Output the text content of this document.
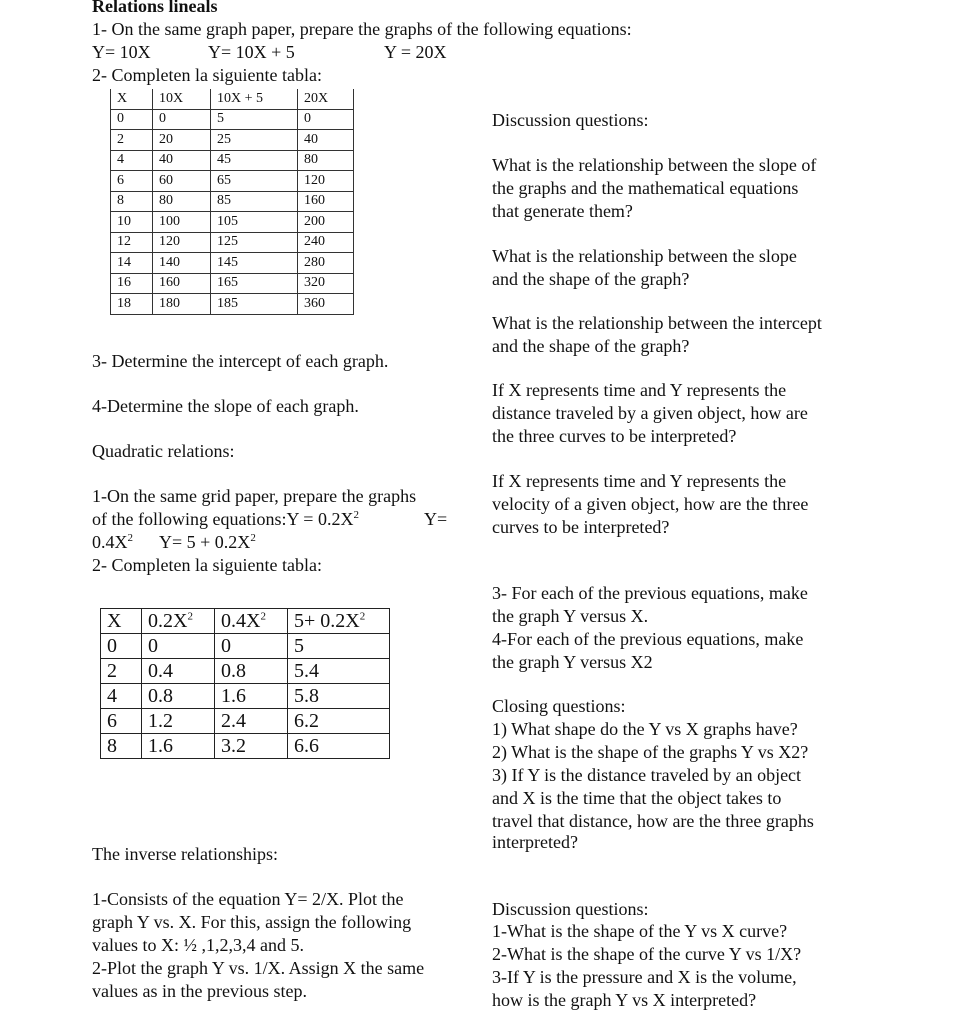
Relations lineals
1- On the same graph paper, prepare the graphs of the following equations:
Y= 10X	Y= 10X + 5	Y = 20X
2- Completen la siguiente tabla:
X	10X	10X + 5	20X
0	0	5	0
2	20	25	40
4	40	45	80
6	60	65	120
8	80	85	160
10	100	105	200
12	120	125	240
14	140	145	280
16	160	165	320
18	180	185	360
3- Determine the intercept of each graph.
4-Determine the slope of each graph.
Quadratic relations:
1-On the same grid paper, prepare the graphs
of the following equations:Y = $0.2X^2$	Y=
$0.4X^2$ $Y= 5 + 0.2X^2$
2- Completen la siguiente tabla:
X	$0.2X^2$	$0.4X^2$	$5+ 0.2X^2$
0	0	0	5
2	0.4	0.8	5.4
4	0.8	1.6	5.8
6	1.2	2.4	6.2
8	1.6	3.2	6.6
The inverse relationships:
1-Consists of the equation Y= 2/X. Plot the
graph Y vs. X. For this, assign the following
values to X: ½ ,1,2,3,4 and 5.
2-Plot the graph Y vs. 1/X. Assign X the same
values as in the previous step.
Discussion questions:
What is the relationship between the slope of
the graphs and the mathematical equations
that generate them?
What is the relationship between the slope
and the shape of the graph?
What is the relationship between the intercept
and the shape of the graph?
If X represents time and Y represents the
distance traveled by a given object, how are
the three curves to be interpreted?
If X represents time and Y represents the
velocity of a given object, how are the three
curves to be interpreted?
3- For each of the previous equations, make
the graph Y versus X.
4-For each of the previous equations, make
the graph Y versus X2
Closing questions:
1) What shape do the Y vs X graphs have?
2) What is the shape of the graphs Y vs X2?
3) If Y is the distance traveled by an object
and X is the time that the object takes to
travel that distance, how are the three graphs
interpreted?
Discussion questions:
1-What is the shape of the Y vs X curve?
2-What is the shape of the curve Y vs 1/X?
3-If Y is the pressure and X is the volume,
how is the graph Y vs X interpreted?
